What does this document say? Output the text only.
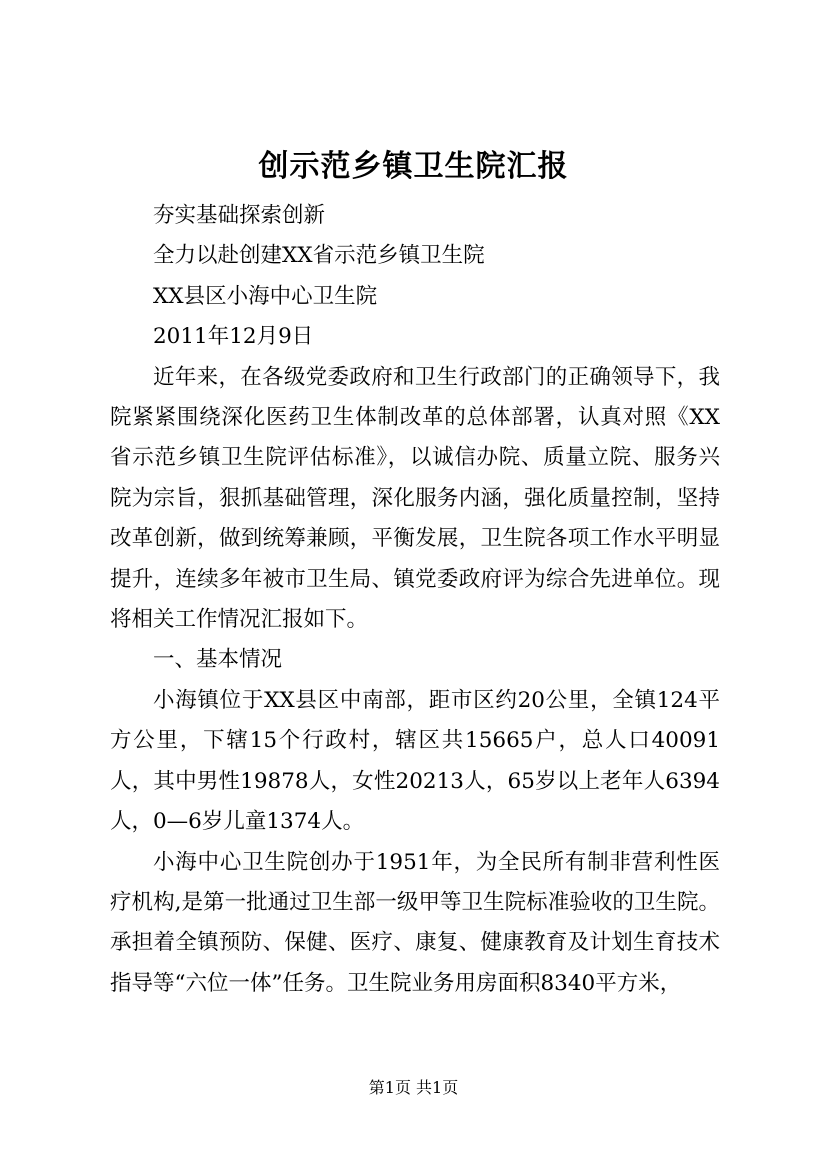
创示范乡镇卫生院汇报

夯实基础探索创新

全力以赴创建XX省示范乡镇卫生院

XX县区小海中心卫生院

2011年12月9日

近年来，在各级党委政府和卫生行政部门的正确领导下，我院紧紧围绕深化医药卫生体制改革的总体部署，认真对照《XX省示范乡镇卫生院评估标准》，以诚信办院、质量立院、服务兴院为宗旨，狠抓基础管理，深化服务内涵，强化质量控制，坚持改革创新，做到统筹兼顾，平衡发展，卫生院各项工作水平明显提升，连续多年被市卫生局、镇党委政府评为综合先进单位。现将相关工作情况汇报如下。

一、基本情况

小海镇位于XX县区中南部，距市区约20公里，全镇124平方公里，下辖15个行政村，辖区共15665户，总人口40091人，其中男性19878人，女性20213人，65岁以上老年人6394人，0—6岁儿童1374人。

小海中心卫生院创办于1951年，为全民所有制非营利性医疗机构,是第一批通过卫生部一级甲等卫生院标准验收的卫生院。承担着全镇预防、保健、医疗、康复、健康教育及计划生育技术指导等“六位一体”任务。卫生院业务用房面积8340平方米，

第1页 共1页
